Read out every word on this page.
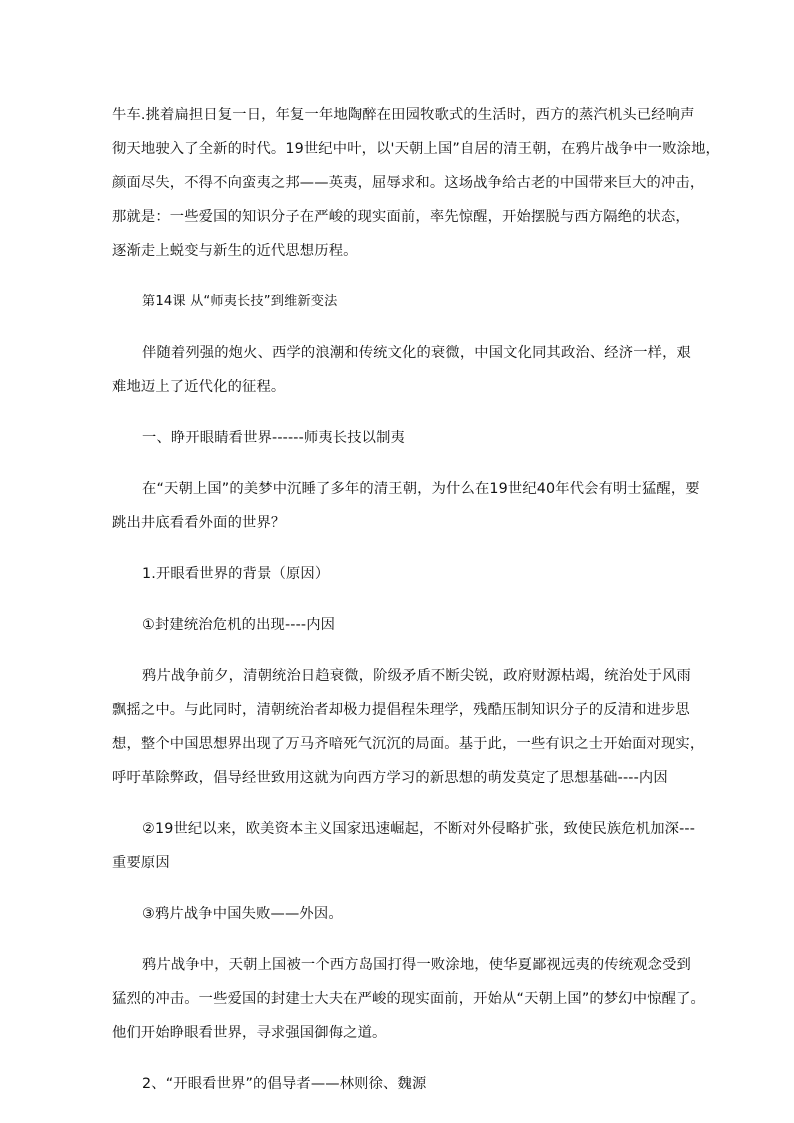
牛车.挑着扁担日复一日，年复一年地陶醉在田园牧歌式的生活时，西方的蒸汽机头已经响声
彻天地驶入了全新的时代。19世纪中叶，以'天朝上国”自居的清王朝，在鸦片战争中一败涂地，
颜面尽失，不得不向蛮夷之邦——英夷，屈辱求和。这场战争给古老的中国带来巨大的冲击，
那就是：一些爱国的知识分子在严峻的现实面前，率先惊醒，开始摆脱与西方隔绝的状态，
逐渐走上蜕变与新生的近代思想历程。

第14课 从“师夷长技”到维新变法

伴随着列强的炮火、西学的浪潮和传统文化的衰微，中国文化同其政治、经济一样，艰
难地迈上了近代化的征程。

一、睁开眼睛看世界------师夷长技以制夷

在“天朝上国”的美梦中沉睡了多年的清王朝，为什么在19世纪40年代会有明士猛醒，要
跳出井底看看外面的世界？

1.开眼看世界的背景（原因）

①封建统治危机的出现----内因

鸦片战争前夕，清朝统治日趋衰微，阶级矛盾不断尖锐，政府财源枯竭，统治处于风雨
飘摇之中。与此同时，清朝统治者却极力提倡程朱理学，残酷压制知识分子的反清和进步思
想，整个中国思想界出现了万马齐喑死气沉沉的局面。基于此，一些有识之士开始面对现实，
呼吁革除弊政，倡导经世致用这就为向西方学习的新思想的萌发莫定了思想基础----内因

②19世纪以来，欧美资本主义国家迅速崛起，不断对外侵略扩张，致使民族危机加深---
重要原因

③鸦片战争中国失败——外因。

鸦片战争中，天朝上国被一个西方岛国打得一败涂地，使华夏鄙视远夷的传统观念受到
猛烈的冲击。一些爱国的封建士大夫在严峻的现实面前，开始从“天朝上国”的梦幻中惊醒了。
他们开始睁眼看世界，寻求强国御侮之道。

2、“开眼看世界”的倡导者——林则徐、魏源
